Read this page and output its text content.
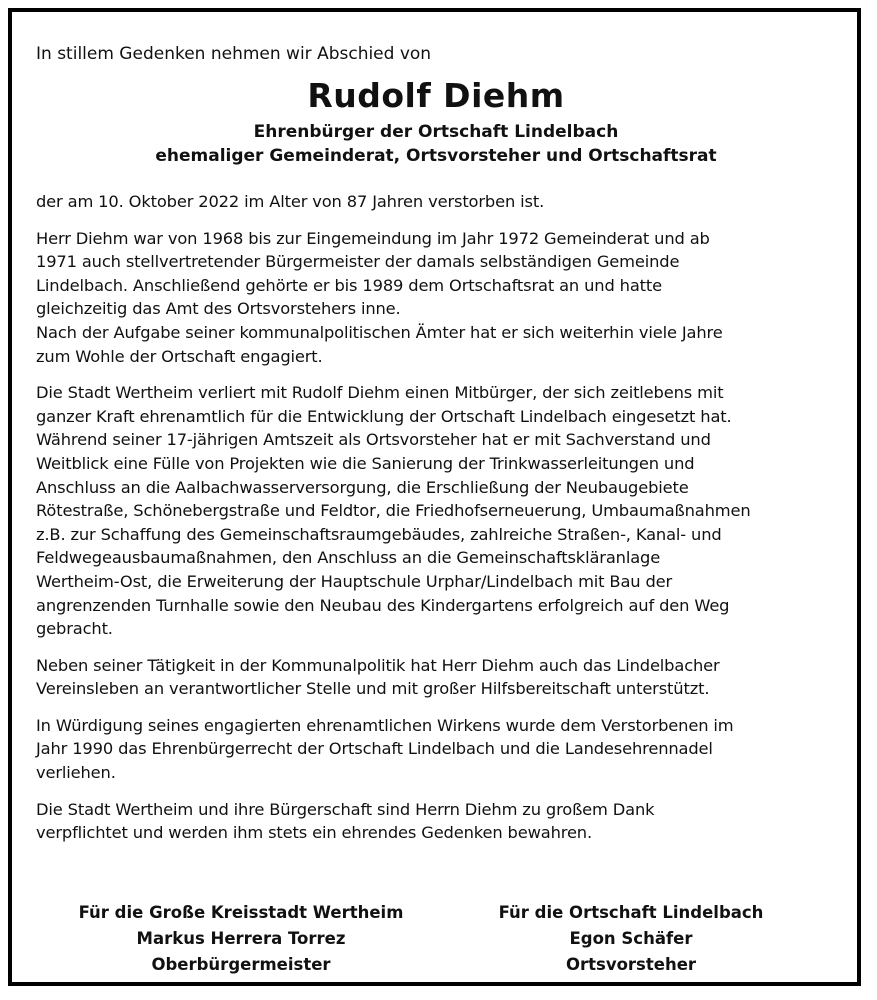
In stillem Gedenken nehmen wir Abschied von

Rudolf Diehm

Ehrenbürger der Ortschaft Lindelbach

ehemaliger Gemeinderat, Ortsvorsteher und Ortschaftsrat

der am 10. Oktober 2022 im Alter von 87 Jahren verstorben ist.

Herr Diehm war von 1968 bis zur Eingemeindung im Jahr 1972 Gemeinderat und ab
1971 auch stellvertretender Bürgermeister der damals selbständigen Gemeinde
Lindelbach. Anschließend gehörte er bis 1989 dem Ortschaftsrat an und hatte
gleichzeitig das Amt des Ortsvorstehers inne.
Nach der Aufgabe seiner kommunalpolitischen Ämter hat er sich weiterhin viele Jahre
zum Wohle der Ortschaft engagiert.
Die Stadt Wertheim verliert mit Rudolf Diehm einen Mitbürger, der sich zeitlebens mit
ganzer Kraft ehrenamtlich für die Entwicklung der Ortschaft Lindelbach eingesetzt hat.
Während seiner 17-jährigen Amtszeit als Ortsvorsteher hat er mit Sachverstand und
Weitblick eine Fülle von Projekten wie die Sanierung der Trinkwasserleitungen und
Anschluss an die Aalbachwasserversorgung, die Erschließung der Neubaugebiete
Rötestraße, Schönebergstraße und Feldtor, die Friedhofserneuerung, Umbaumaßnahmen
z.B. zur Schaffung des Gemeinschaftsraumgebäudes, zahlreiche Straßen-, Kanal- und
Feldwegeausbaumaßnahmen, den Anschluss an die Gemeinschaftskläranlage
Wertheim-Ost, die Erweiterung der Hauptschule Urphar/Lindelbach mit Bau der
angrenzenden Turnhalle sowie den Neubau des Kindergartens erfolgreich auf den Weg
gebracht.
Neben seiner Tätigkeit in der Kommunalpolitik hat Herr Diehm auch das Lindelbacher
Vereinsleben an verantwortlicher Stelle und mit großer Hilfsbereitschaft unterstützt.
In Würdigung seines engagierten ehrenamtlichen Wirkens wurde dem Verstorbenen im
Jahr 1990 das Ehrenbürgerrecht der Ortschaft Lindelbach und die Landesehrennadel
verliehen.
Die Stadt Wertheim und ihre Bürgerschaft sind Herrn Diehm zu großem Dank
verpflichtet und werden ihm stets ein ehrendes Gedenken bewahren.
Für die Große Kreisstadt Wertheim
Markus Herrera Torrez
Oberbürgermeister
Für die Ortschaft Lindelbach
Egon Schäfer
Ortsvorsteher
